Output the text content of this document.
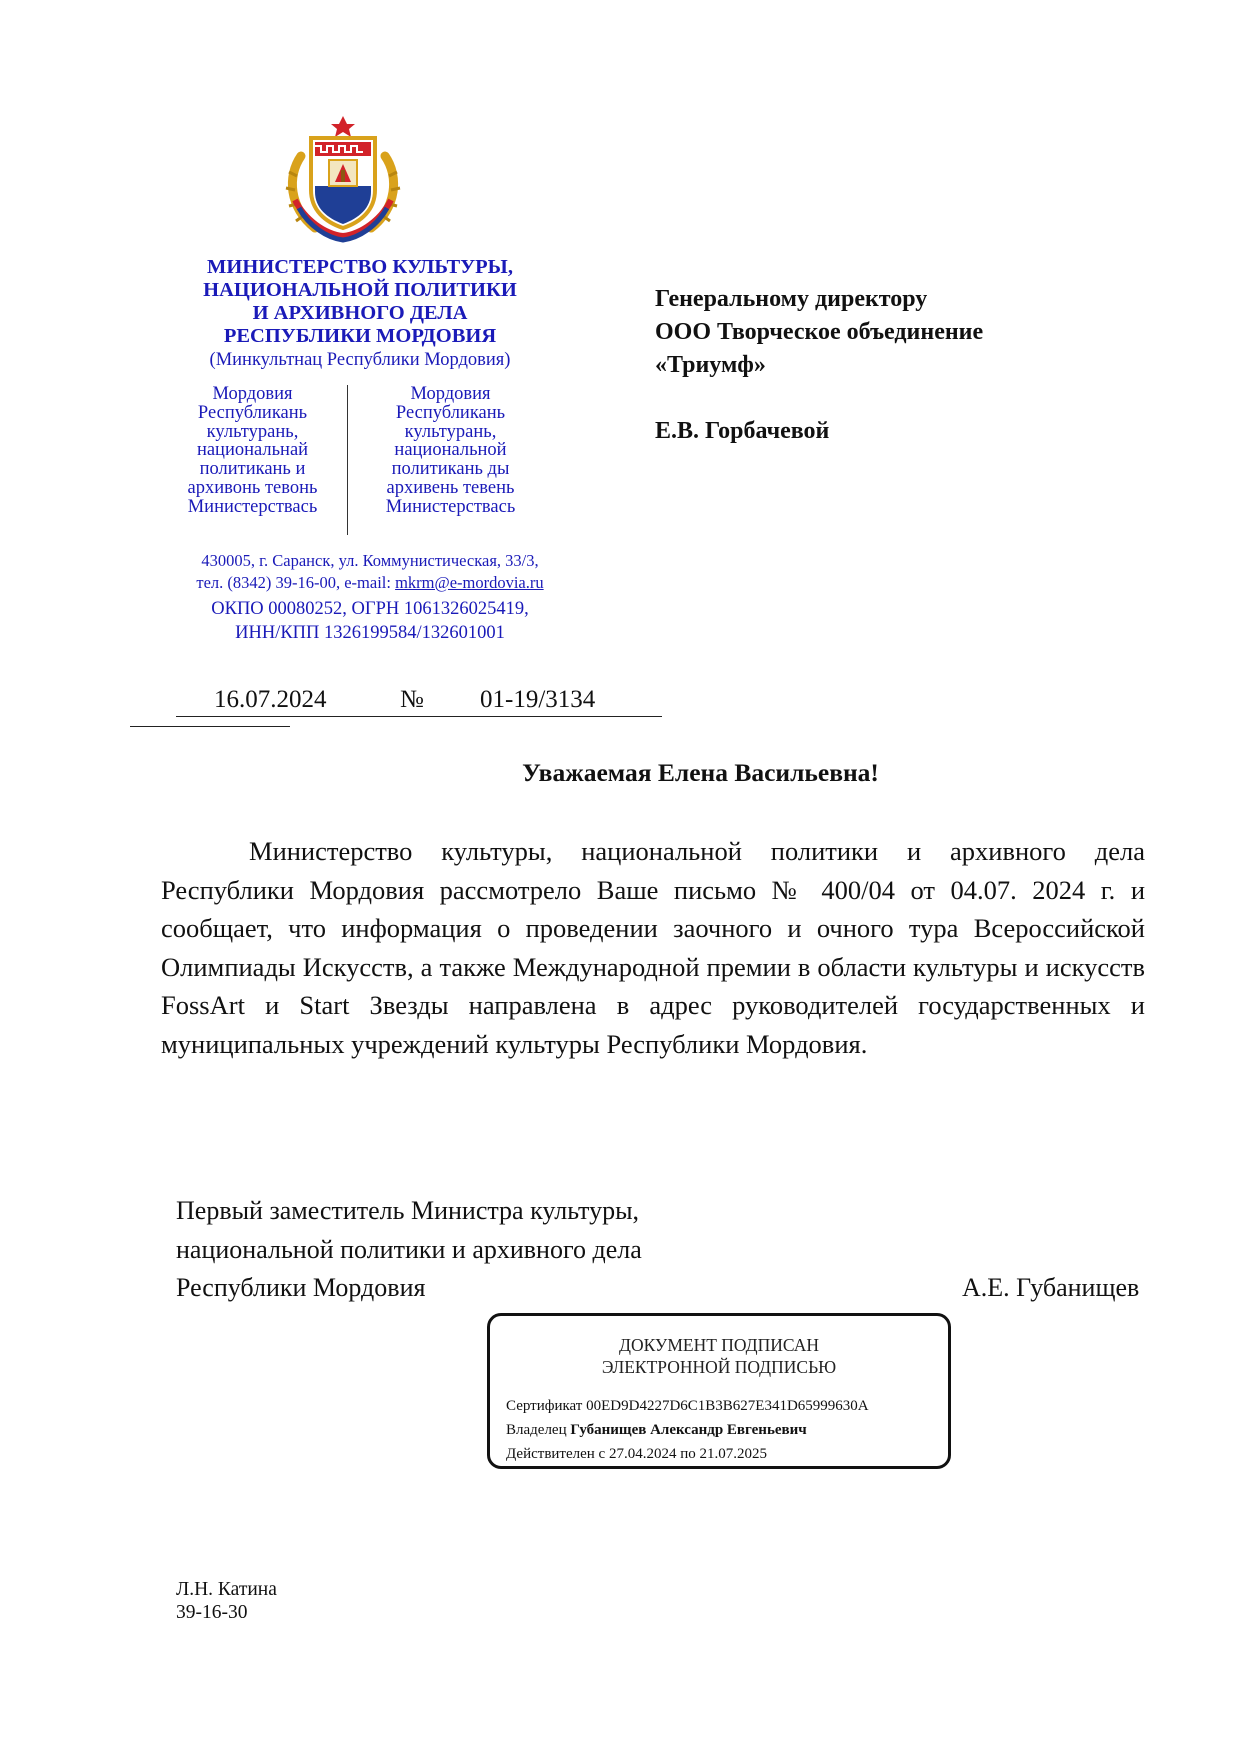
МИНИСТЕРСТВО КУЛЬТУРЫ,
НАЦИОНАЛЬНОЙ ПОЛИТИКИ
И АРХИВНОГО ДЕЛА
РЕСПУБЛИКИ МОРДОВИЯ
(Минкультнац Республики Мордовия)
Мордовия
Республикань
культурань,
национальнай
политикань и
архивонь тевонь
Министерствась
Мордовия
Республикань
культурань,
национальной
политикань ды
архивень тевень
Министерствась
430005, г. Саранск, ул. Коммунистическая, 33/3,
тел. (8342) 39-16-00, e-mail: mkrm@e-mordovia.ru
ОКПО 00080252, ОГРН 1061326025419,
ИНН/КПП 1326199584/132601001
Генеральному директору
ООО Творческое объединение
«Триумф»
Е.В. Горбачевой
16.07.2024	№ 01-19/3134
Уважаемая Елена Васильевна!
Министерство культуры, национальной политики и архивного дела Республики Мордовия рассмотрело Ваше письмо № 400/04 от 04.07. 2024 г. и сообщает, что информация о проведении заочного и очного тура Всероссийской Олимпиады Искусств, а также Международной премии в области культуры и искусств FossArt и Start Звезды направлена в адрес руководителей государственных и муниципальных учреждений культуры Республики Мордовия.
Первый заместитель Министра культуры,
национальной политики и архивного дела
Республики Мордовия	А.Е. Губанищев
ДОКУМЕНТ ПОДПИСАН
ЭЛЕКТРОННОЙ ПОДПИСЬЮ
Сертификат 00ED9D4227D6C1B3B627E341D65999630A
Владелец Губанищев Александр Евгеньевич
Действителен с 27.04.2024 по 21.07.2025
Л.Н. Катина
39-16-30
